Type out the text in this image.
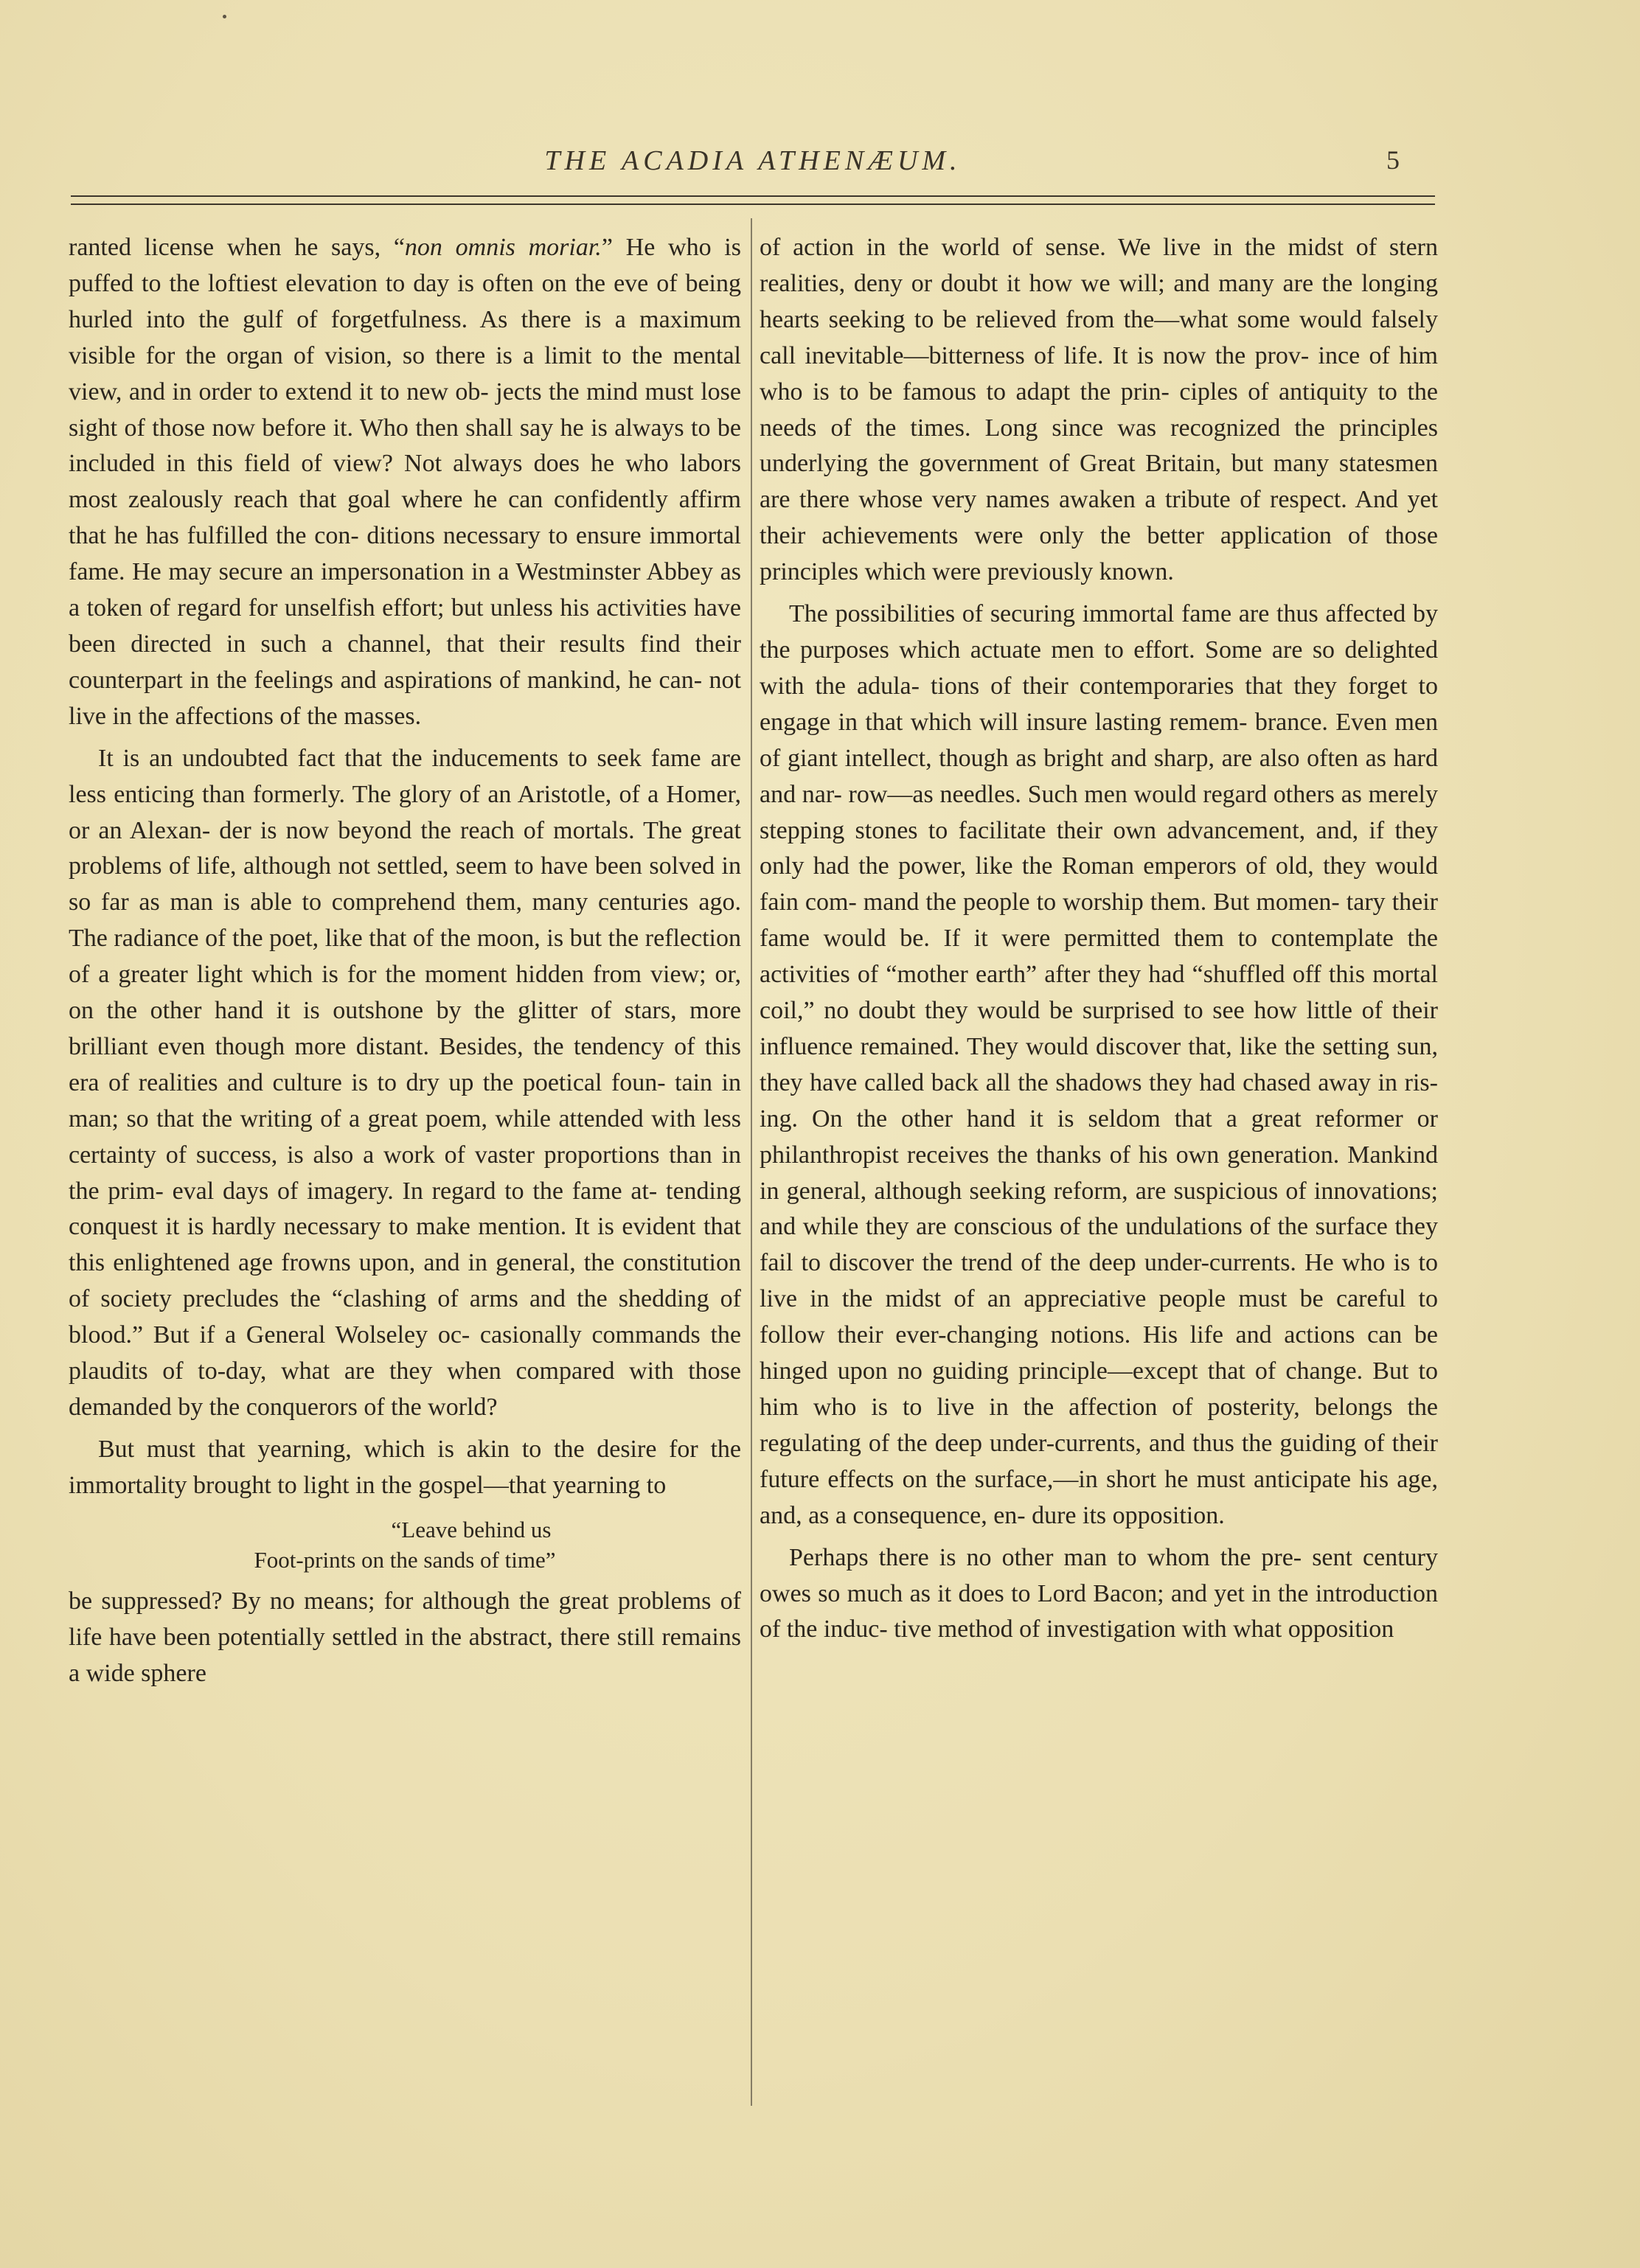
THE ACADIA ATHENÆUM.	5

ranted license when he says, “non omnis moriar.” He who is puffed to the loftiest elevation to day is often on the eve of being hurled into the gulf of forgetfulness. As there is a maximum visible for the organ of vision, so there is a limit to the mental view, and in order to extend it to new ob- jects the mind must lose sight of those now before it. Who then shall say he is always to be included in this field of view? Not always does he who labors most zealously reach that goal where he can confidently affirm that he has fulfilled the con- ditions necessary to ensure immortal fame. He may secure an impersonation in a Westminster Abbey as a token of regard for unselfish effort; but unless his activities have been directed in such a channel, that their results find their counterpart in the feelings and aspirations of mankind, he can- not live in the affections of the masses.

It is an undoubted fact that the inducements to seek fame are less enticing than formerly. The glory of an Aristotle, of a Homer, or an Alexan- der is now beyond the reach of mortals. The great problems of life, although not settled, seem to have been solved in so far as man is able to comprehend them, many centuries ago. The radiance of the poet, like that of the moon, is but the reflection of a greater light which is for the moment hidden from view; or, on the other hand it is outshone by the glitter of stars, more brilliant even though more distant. Besides, the tendency of this era of realities and culture is to dry up the poetical foun- tain in man; so that the writing of a great poem, while attended with less certainty of success, is also a work of vaster proportions than in the prim- eval days of imagery. In regard to the fame at- tending conquest it is hardly necessary to make mention. It is evident that this enlightened age frowns upon, and in general, the constitution of society precludes the “clashing of arms and the shedding of blood.” But if a General Wolseley oc- casionally commands the plaudits of to-day, what are they when compared with those demanded by the conquerors of the world?

But must that yearning, which is akin to the desire for the immortality brought to light in the gospel—that yearning to

“Leave behind us
Foot-prints on the sands of time”

be suppressed? By no means; for although the great problems of life have been potentially settled in the abstract, there still remains a wide sphere

of action in the world of sense. We live in the midst of stern realities, deny or doubt it how we will; and many are the longing hearts seeking to be relieved from the—what some would falsely call inevitable—bitterness of life. It is now the prov- ince of him who is to be famous to adapt the prin- ciples of antiquity to the needs of the times. Long since was recognized the principles underlying the government of Great Britain, but many statesmen are there whose very names awaken a tribute of respect. And yet their achievements were only the better application of those principles which were previously known.

The possibilities of securing immortal fame are thus affected by the purposes which actuate men to effort. Some are so delighted with the adula- tions of their contemporaries that they forget to engage in that which will insure lasting remem- brance. Even men of giant intellect, though as bright and sharp, are also often as hard and nar- row—as needles. Such men would regard others as merely stepping stones to facilitate their own advancement, and, if they only had the power, like the Roman emperors of old, they would fain com- mand the people to worship them. But momen- tary their fame would be. If it were permitted them to contemplate the activities of “mother earth” after they had “shuffled off this mortal coil,” no doubt they would be surprised to see how little of their influence remained. They would discover that, like the setting sun, they have called back all the shadows they had chased away in ris- ing. On the other hand it is seldom that a great reformer or philanthropist receives the thanks of his own generation. Mankind in general, although seeking reform, are suspicious of innovations; and while they are conscious of the undulations of the surface they fail to discover the trend of the deep under-currents. He who is to live in the midst of an appreciative people must be careful to follow their ever-changing notions. His life and actions can be hinged upon no guiding principle—except that of change. But to him who is to live in the affection of posterity, belongs the regulating of the deep under-currents, and thus the guiding of their future effects on the surface,—in short he must anticipate his age, and, as a consequence, en- dure its opposition.

Perhaps there is no other man to whom the pre- sent century owes so much as it does to Lord Bacon; and yet in the introduction of the induc- tive method of investigation with what opposition
